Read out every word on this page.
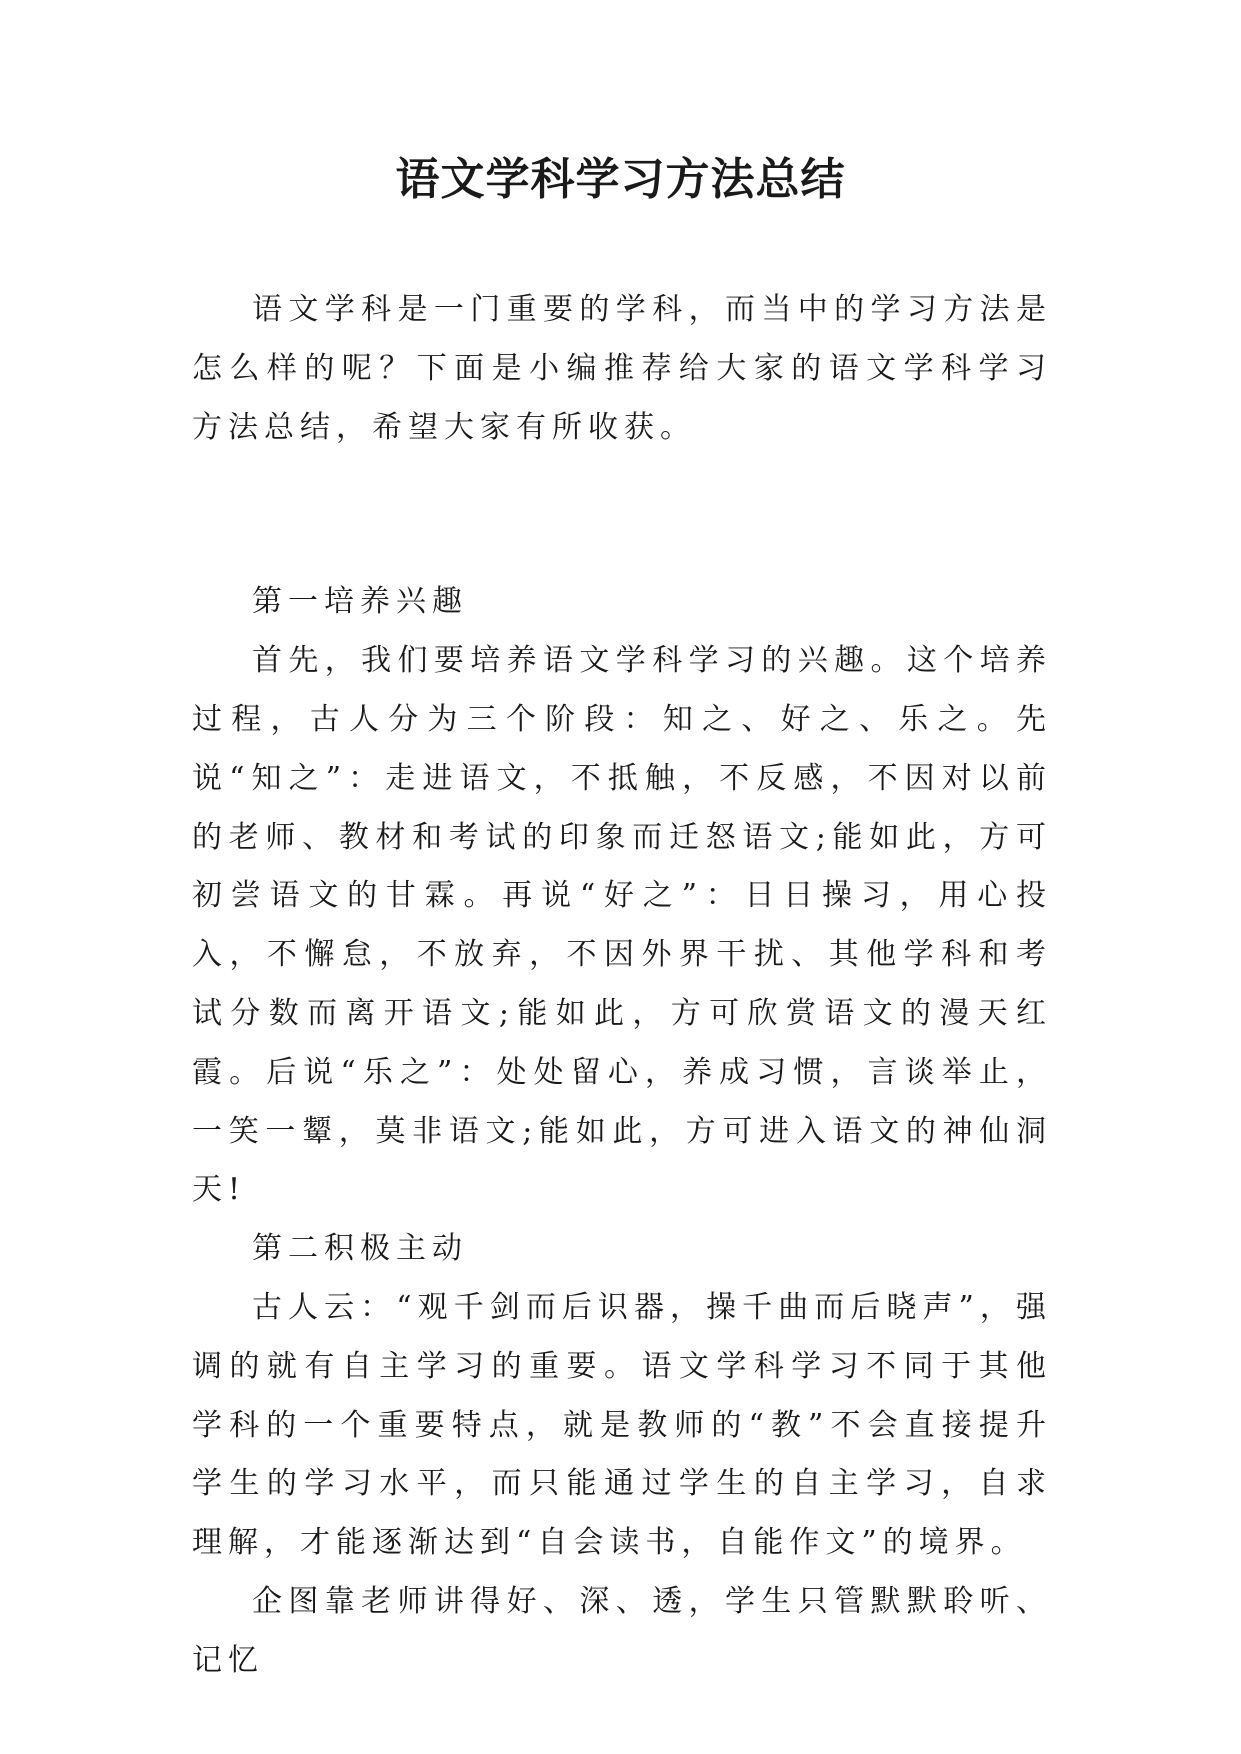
语文学科学习方法总结

语文学科是一门重要的学科，而当中的学习方法是怎么样的呢？下面是小编推荐给大家的语文学科学习方法总结，希望大家有所收获。

第一培养兴趣

首先，我们要培养语文学科学习的兴趣。这个培养过程，古人分为三个阶段：知之、好之、乐之。先说“知之”：走进语文，不抵触，不反感，不因对以前的老师、教材和考试的印象而迁怒语文;能如此，方可初尝语文的甘霖。再说“好之”：日日操习，用心投入，不懈怠，不放弃，不因外界干扰、其他学科和考试分数而离开语文;能如此，方可欣赏语文的漫天红霞。后说“乐之”：处处留心，养成习惯，言谈举止，一笑一颦，莫非语文;能如此，方可进入语文的神仙洞天!

第二积极主动

古人云：“观千剑而后识器，操千曲而后晓声”，强调的就有自主学习的重要。语文学科学习不同于其他学科的一个重要特点，就是教师的“教”不会直接提升学生的学习水平，而只能通过学生的自主学习，自求理解，才能逐渐达到“自会读书，自能作文”的境界。

企图靠老师讲得好、深、透，学生只管默默聆听、记忆
